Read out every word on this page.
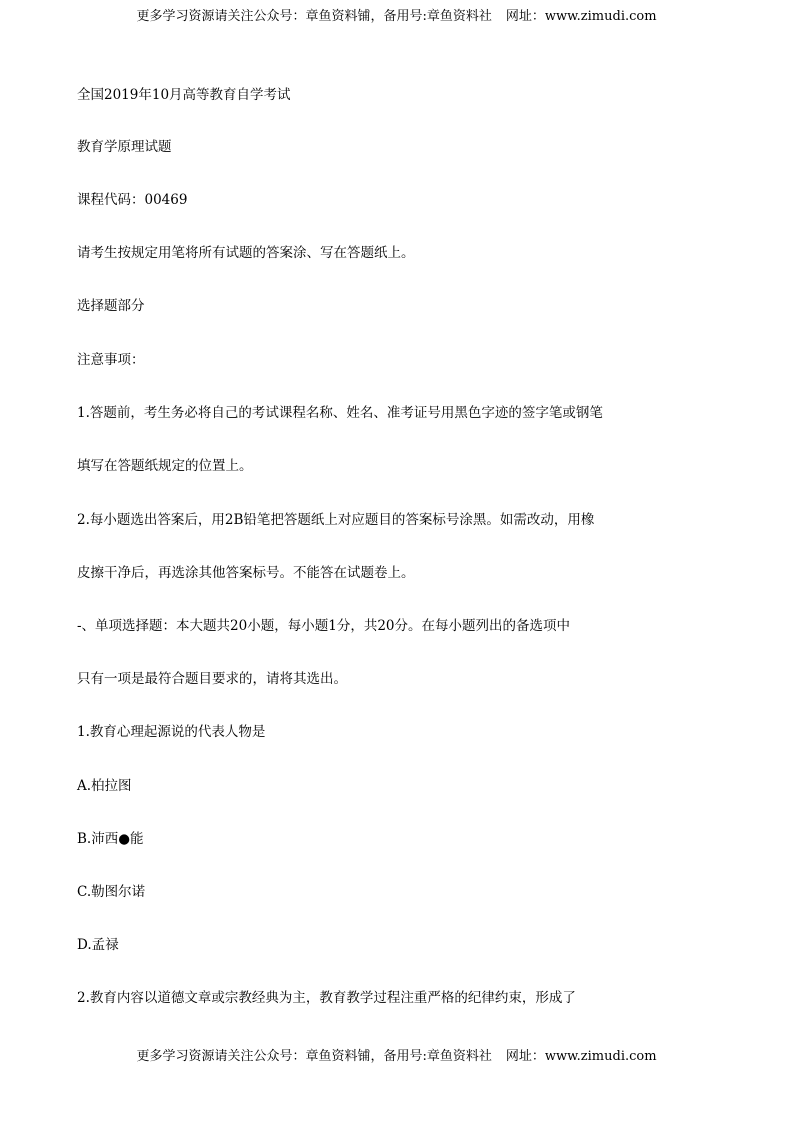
更多学习资源请关注公众号：章鱼资料铺，备用号:章鱼资料社 网址：www.zimudi.com
全国2019年10月高等教育自学考试
教育学原理试题
课程代码：00469
请考生按规定用笔将所有试题的答案涂、写在答题纸上。
选择题部分
注意事项：
1.答题前，考生务必将自己的考试课程名称、姓名、准考证号用黑色字迹的签字笔或钢笔
填写在答题纸规定的位置上。
2.每小题选出答案后，用2B铅笔把答题纸上对应题目的答案标号涂黑。如需改动，用橡
皮擦干净后，再选涂其他答案标号。不能答在试题卷上。
-、单项选择题：本大题共20小题，每小题1分，共20分。在每小题列出的备选项中
只有一项是最符合题目要求的，请将其选出。
1.教育心理起源说的代表人物是
A.柏拉图
B.沛西●能
C.勒图尔诺
D.孟禄
2.教育内容以道德文章或宗教经典为主，教育教学过程注重严格的纪律约束，形成了
更多学习资源请关注公众号：章鱼资料铺，备用号:章鱼资料社 网址：www.zimudi.com
